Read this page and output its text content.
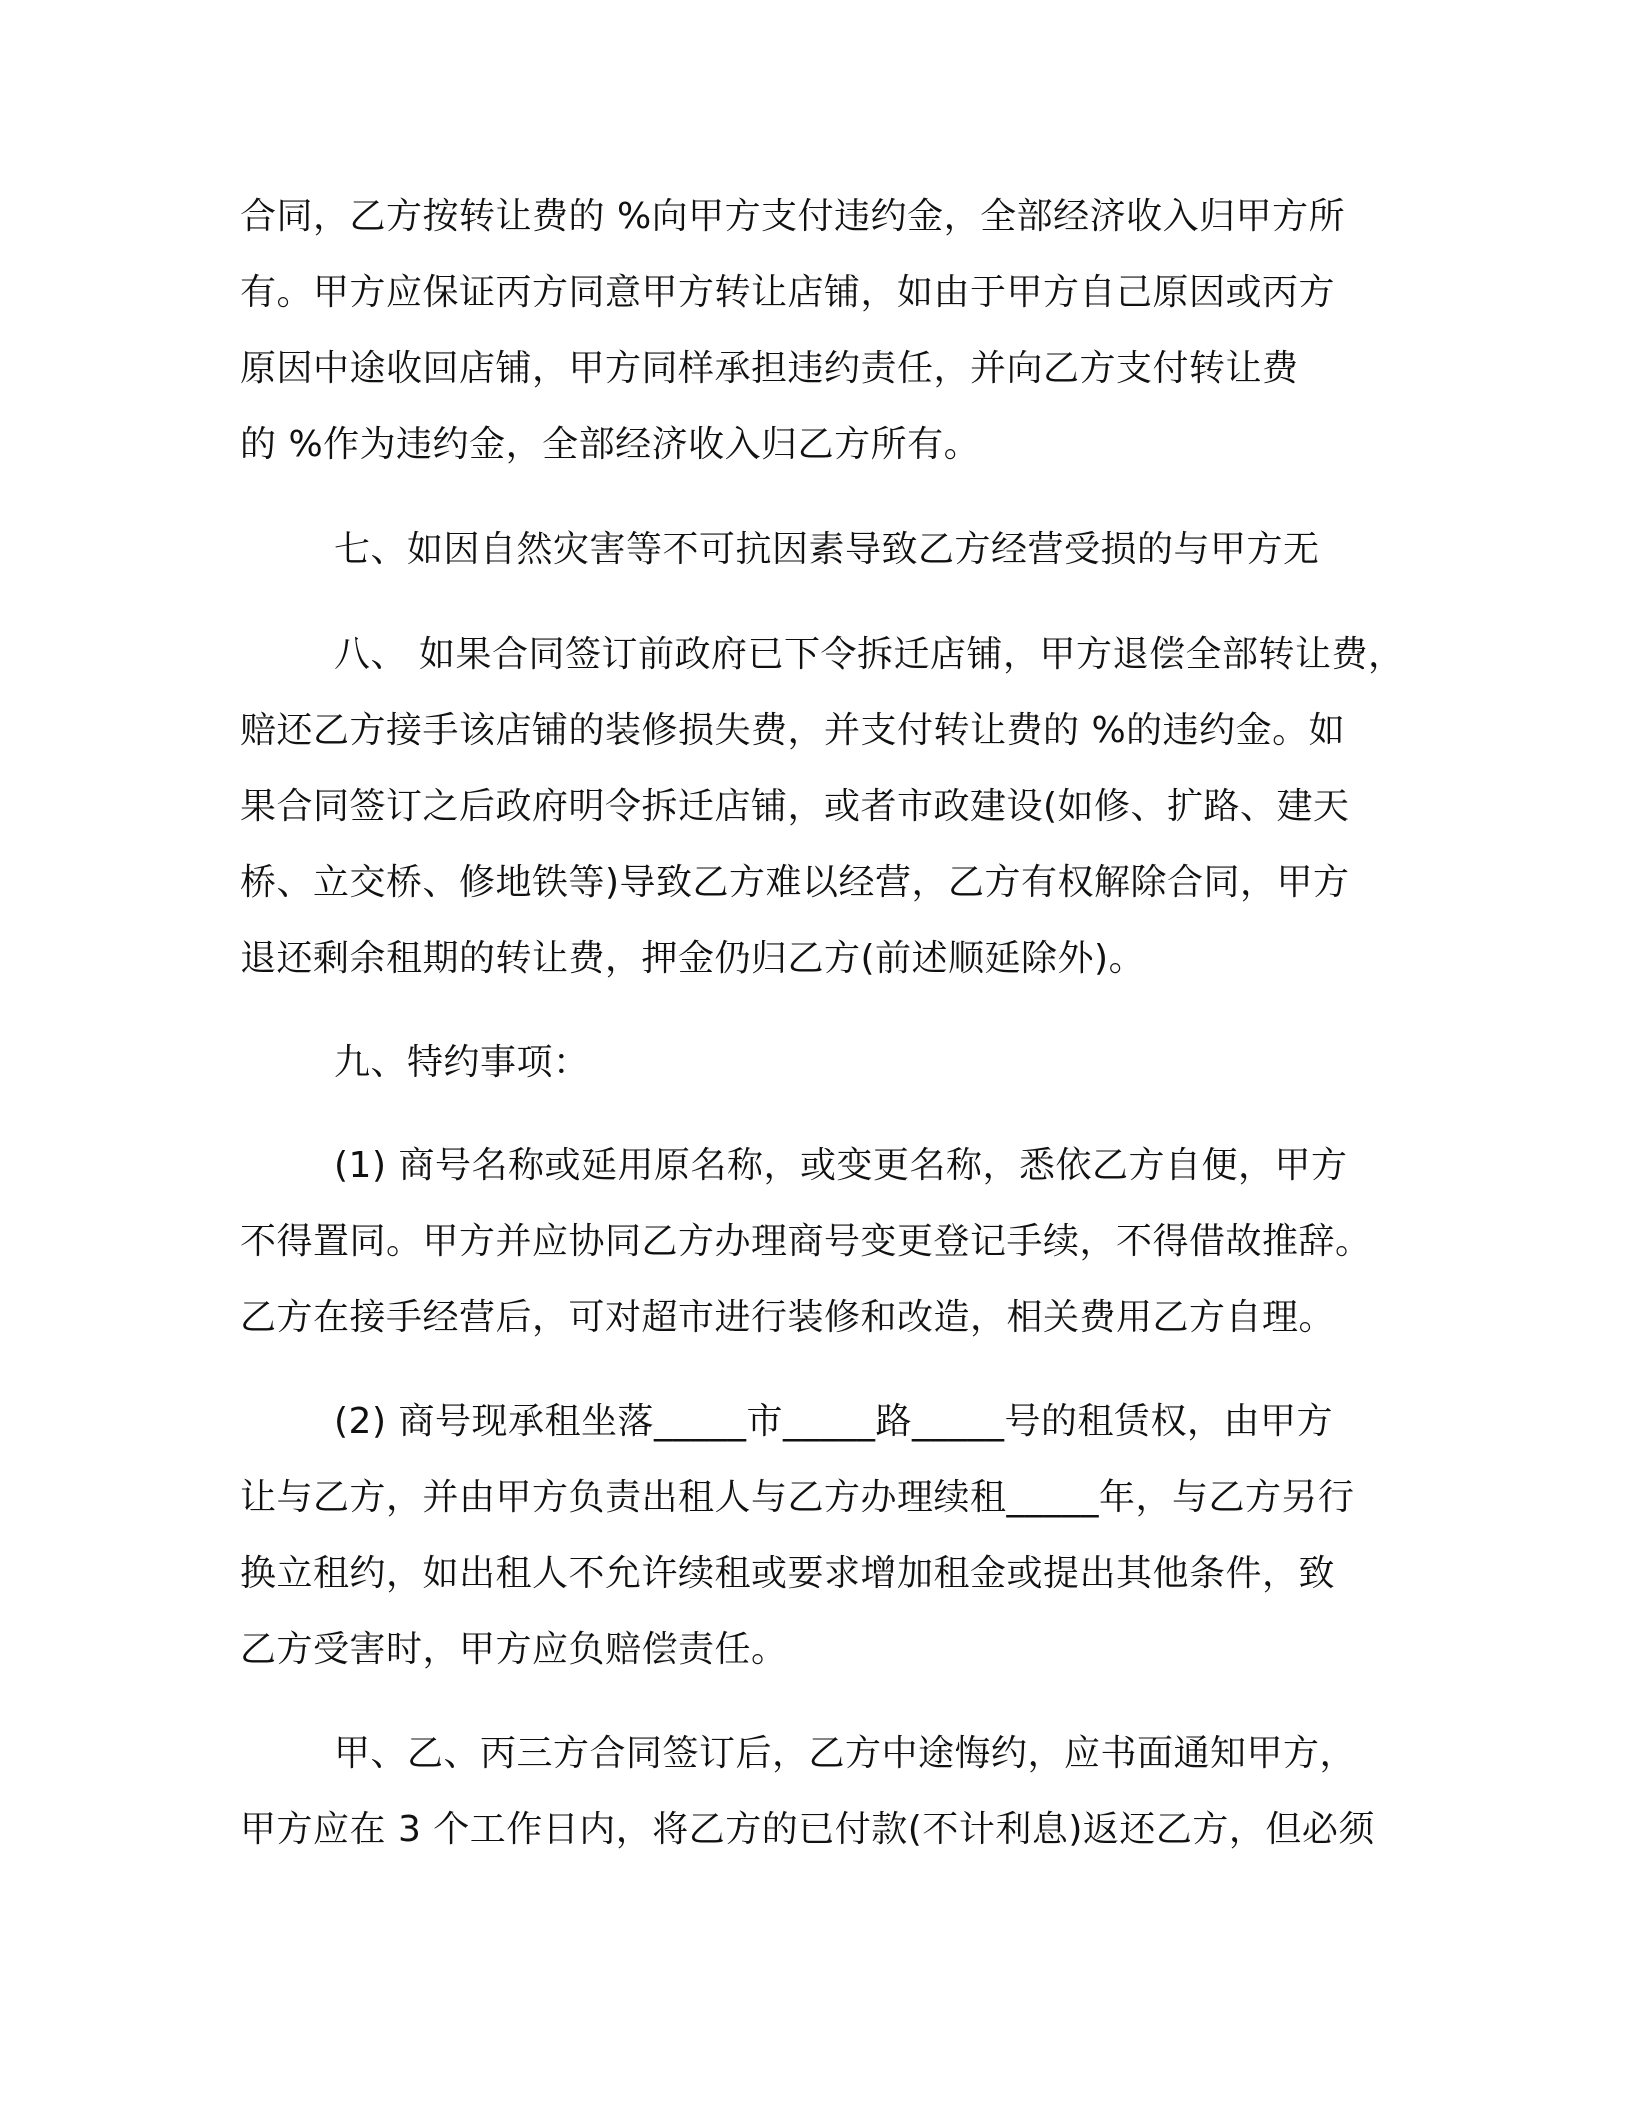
合同，乙方按转让费的 %向甲方支付违约金，全部经济收入归甲方所

有。甲方应保证丙方同意甲方转让店铺，如由于甲方自己原因或丙方

原因中途收回店铺，甲方同样承担违约责任，并向乙方支付转让费

的 %作为违约金，全部经济收入归乙方所有。

七、如因自然灾害等不可抗因素导致乙方经营受损的与甲方无

八、 如果合同签订前政府已下令拆迁店铺，甲方退偿全部转让费，

赔还乙方接手该店铺的装修损失费，并支付转让费的 %的违约金。如

果合同签订之后政府明令拆迁店铺，或者市政建设(如修、扩路、建天

桥、立交桥、修地铁等)导致乙方难以经营，乙方有权解除合同，甲方

退还剩余租期的转让费，押金仍归乙方(前述顺延除外)。

九、特约事项：

(1) 商号名称或延用原名称，或变更名称，悉依乙方自便，甲方

不得置同。甲方并应协同乙方办理商号变更登记手续，不得借故推辞。

乙方在接手经营后，可对超市进行装修和改造，相关费用乙方自理。

(2) 商号现承租坐落_____市_____路_____号的租赁权，由甲方

让与乙方，并由甲方负责出租人与乙方办理续租_____年，与乙方另行

换立租约，如出租人不允许续租或要求增加租金或提出其他条件，致

乙方受害时，甲方应负赔偿责任。

甲、乙、丙三方合同签订后，乙方中途悔约，应书面通知甲方，

甲方应在 3 个工作日内，将乙方的已付款(不计利息)返还乙方，但必须
